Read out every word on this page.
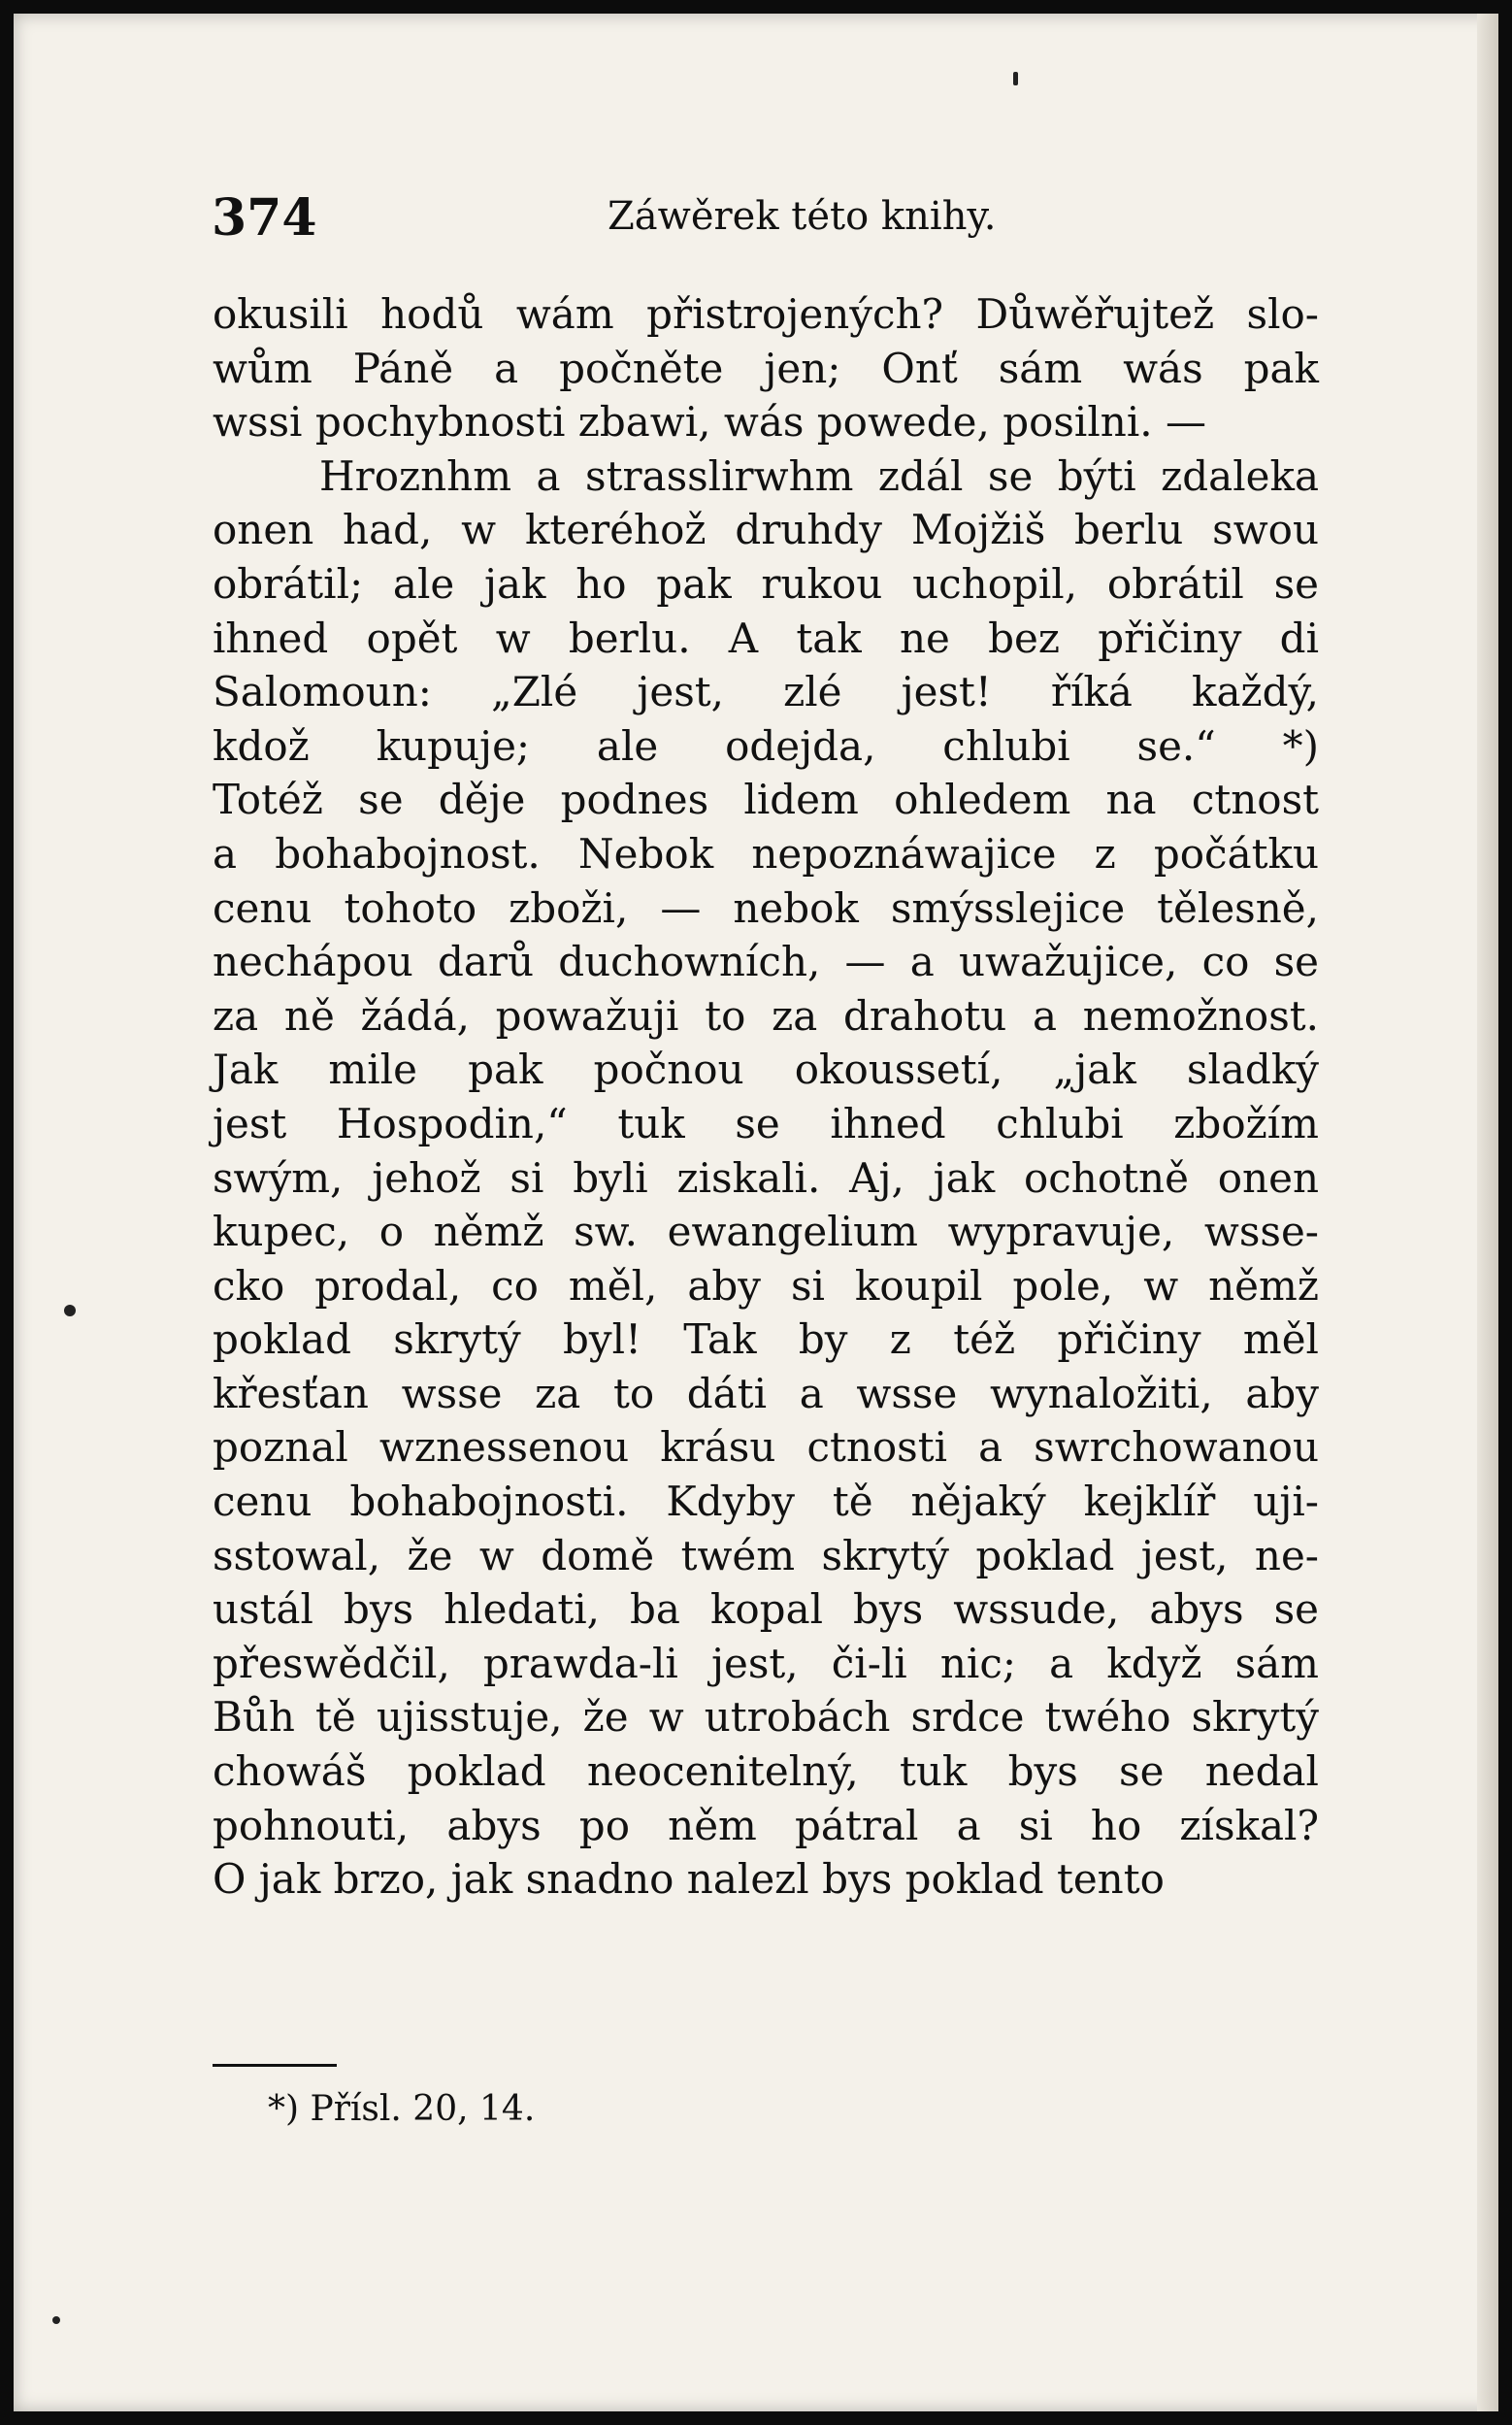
374	Záwěrek této knihy.
okusili hodů wám přistrojených? Důwěřujtež slo-
wům Páně a počněte jen; Onť sám wás pak
wssi pochybnosti zbawi, wás powede, posilni. —
Hroznhm a strasslirwhm zdál se býti zdaleka
onen had, w kteréhož druhdy Mojžiš berlu swou
obrátil; ale jak ho pak rukou uchopil, obrátil se
ihned opět w berlu. A tak ne bez přičiny di
Salomoun: „Zlé jest, zlé jest! říká každý,
kdož kupuje; ale odejda, chlubi se.“ *)
Totéž se děje podnes lidem ohledem na ctnost
a bohabojnost. Nebok nepoznáwajice z počátku
cenu tohoto zboži, — nebok smýsslejice tělesně,
nechápou darů duchowních, — a uwažujice, co se
za ně žádá, powažuji to za drahotu a nemožnost.
Jak mile pak počnou okoussetí, „jak sladký
jest Hospodin,“ tuk se ihned chlubi zbožím
swým, jehož si byli ziskali. Aj, jak ochotně onen
kupec, o němž sw. ewangelium wypravuje, wsse-
cko prodal, co měl, aby si koupil pole, w němž
poklad skrytý byl! Tak by z též přičiny měl
křesťan wsse za to dáti a wsse wynaložiti, aby
poznal wznessenou krásu ctnosti a swrchowanou
cenu bohabojnosti. Kdyby tě nějaký kejklíř uji-
sstowal, že w domě twém skrytý poklad jest, ne-
ustál bys hledati, ba kopal bys wssude, abys se
přeswědčil, prawda-li jest, či-li nic; a když sám
Bůh tě ujisstuje, že w utrobách srdce twého skrytý
chowáš poklad neocenitelný, tuk bys se nedal
pohnouti, abys po něm pátral a si ho získal?
O jak brzo, jak snadno nalezl bys poklad tento
*) Přísl. 20, 14.
